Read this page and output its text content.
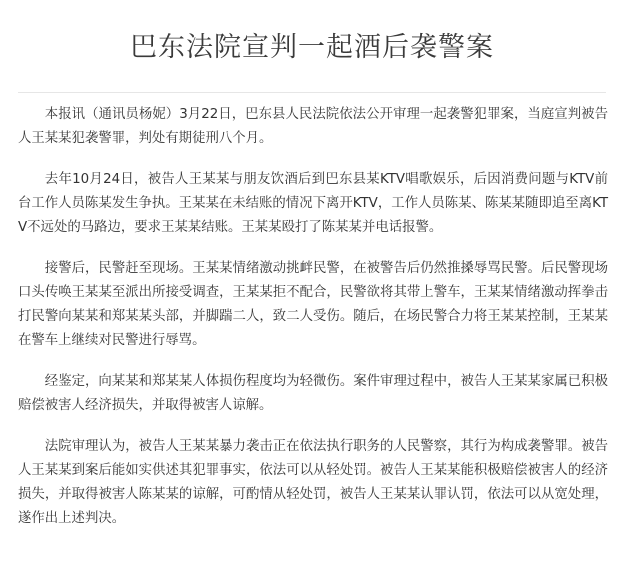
巴东法院宣判一起酒后袭警案

本报讯（通讯员杨妮）3月22日，巴东县人民法院依法公开审理一起袭警犯罪案，当庭宣判被告人王某某犯袭警罪，判处有期徒刑八个月。

去年10月24日，被告人王某某与朋友饮酒后到巴东县某KTV唱歌娱乐，后因消费问题与KTV前台工作人员陈某发生争执。王某某在未结账的情况下离开KTV，工作人员陈某、陈某某随即追至离KTV不远处的马路边，要求王某某结账。王某某殴打了陈某某并电话报警。

接警后，民警赶至现场。王某某情绪激动挑衅民警，在被警告后仍然推搡辱骂民警。后民警现场口头传唤王某某至派出所接受调查，王某某拒不配合，民警欲将其带上警车，王某某情绪激动挥拳击打民警向某某和郑某某头部，并脚踹二人，致二人受伤。随后，在场民警合力将王某某控制，王某某在警车上继续对民警进行辱骂。

经鉴定，向某某和郑某某人体损伤程度均为轻微伤。案件审理过程中，被告人王某某家属已积极赔偿被害人经济损失，并取得被害人谅解。

法院审理认为，被告人王某某暴力袭击正在依法执行职务的人民警察，其行为构成袭警罪。被告人王某某到案后能如实供述其犯罪事实，依法可以从轻处罚。被告人王某某能积极赔偿被害人的经济损失，并取得被害人陈某某的谅解，可酌情从轻处罚，被告人王某某认罪认罚，依法可以从宽处理，遂作出上述判决。
